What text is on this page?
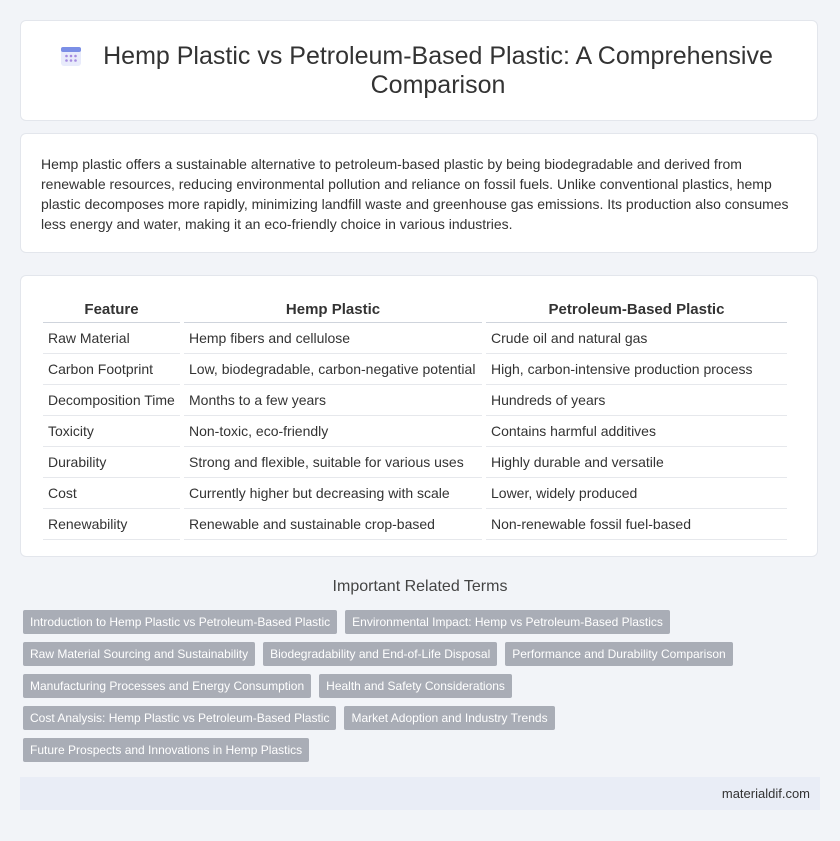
Hemp Plastic vs Petroleum-Based Plastic: A Comprehensive Comparison

Hemp plastic offers a sustainable alternative to petroleum-based plastic by being biodegradable and derived from renewable resources, reducing environmental pollution and reliance on fossil fuels. Unlike conventional plastics, hemp plastic decomposes more rapidly, minimizing landfill waste and greenhouse gas emissions. Its production also consumes less energy and water, making it an eco-friendly choice in various industries.

Feature	Hemp Plastic	Petroleum-Based Plastic
Raw Material	Hemp fibers and cellulose	Crude oil and natural gas
Carbon Footprint	Low, biodegradable, carbon-negative potential	High, carbon-intensive production process
Decomposition Time	Months to a few years	Hundreds of years
Toxicity	Non-toxic, eco-friendly	Contains harmful additives
Durability	Strong and flexible, suitable for various uses	Highly durable and versatile
Cost	Currently higher but decreasing with scale	Lower, widely produced
Renewability	Renewable and sustainable crop-based	Non-renewable fossil fuel-based
Important Related Terms
Introduction to Hemp Plastic vs Petroleum-Based Plastic	Environmental Impact: Hemp vs Petroleum-Based Plastics
Raw Material Sourcing and Sustainability	Biodegradability and End-of-Life Disposal	Performance and Durability Comparison
Manufacturing Processes and Energy Consumption	Health and Safety Considerations
Cost Analysis: Hemp Plastic vs Petroleum-Based Plastic	Market Adoption and Industry Trends
Future Prospects and Innovations in Hemp Plastics
materialdif.com
